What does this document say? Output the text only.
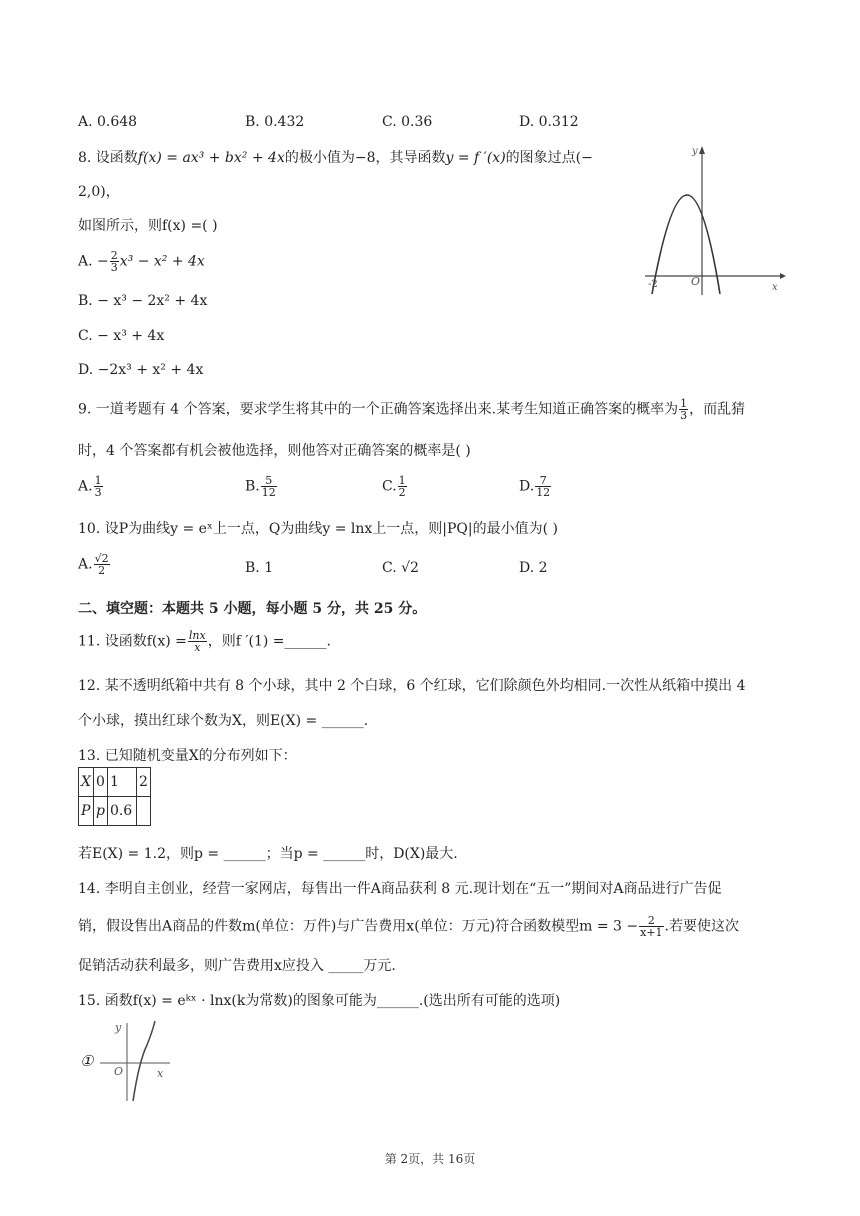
A. 0.648	B. 0.432	C. 0.36	D. 0.312
8. 设函数f(x) = ax³ + bx² + 4x的极小值为−8，其导函数y = f ′(x)的图象过点(−
2,0)，
如图所示，则f(x) =( )
A. − $\frac{2}{3} x^3 - x^2 + 4x$
B. − x³ − 2x² + 4x
C. − x³ + 4x
D. −2x³ + x² + 4x
y
x
O
-2
9. 一道考题有 4 个答案，要求学生将其中的一个正确答案选择出来.某考生知道正确答案的概率为 $\frac{1}{3}$ ，而乱猜
时，4 个答案都有机会被他选择，则他答对正确答案的概率是( )
A. $\frac{1}{3}$	B. $\frac{5}{12}$	C. $\frac{1}{2}$	D. $\frac{7}{12}$
10. 设P为曲线y = eˣ上一点，Q为曲线y = lnx上一点，则|PQ|的最小值为( )
A. $\frac{√2}{2}$	B. 1	C. √2	D. 2
二、填空题：本题共 5 小题，每小题 5 分，共 25 分。
11. 设函数$f(x) = \frac{\ln x}{x}$ ，则f ′(1) =______.
12. 某不透明纸箱中共有 8 个小球，其中 2 个白球，6 个红球，它们除颜色外均相同.一次性从纸箱中摸出 4
个小球，摸出红球个数为X，则E(X) = ______.
13. 已知随机变量X的分布列如下：
X	0	1	2
P	p	0.6	
若E(X) = 1.2，则p = ______；当p = ______时，D(X)最大.
14. 李明自主创业，经营一家网店，每售出一件A商品获利 8 元.现计划在“五一”期间对A商品进行广告促
销，假设售出A商品的件数m(单位：万件)与广告费用x(单位：万元)符合函数模型$m = 3 - \frac{2}{x+1}$ .若要使这次
促销活动获利最多，则广告费用x应投入 _____万元.
15. 函数f(x) = eᵏˣ · lnx(k为常数)的图象可能为______.(选出所有可能的选项)
①
y
x
O
第 2页，共 16页
